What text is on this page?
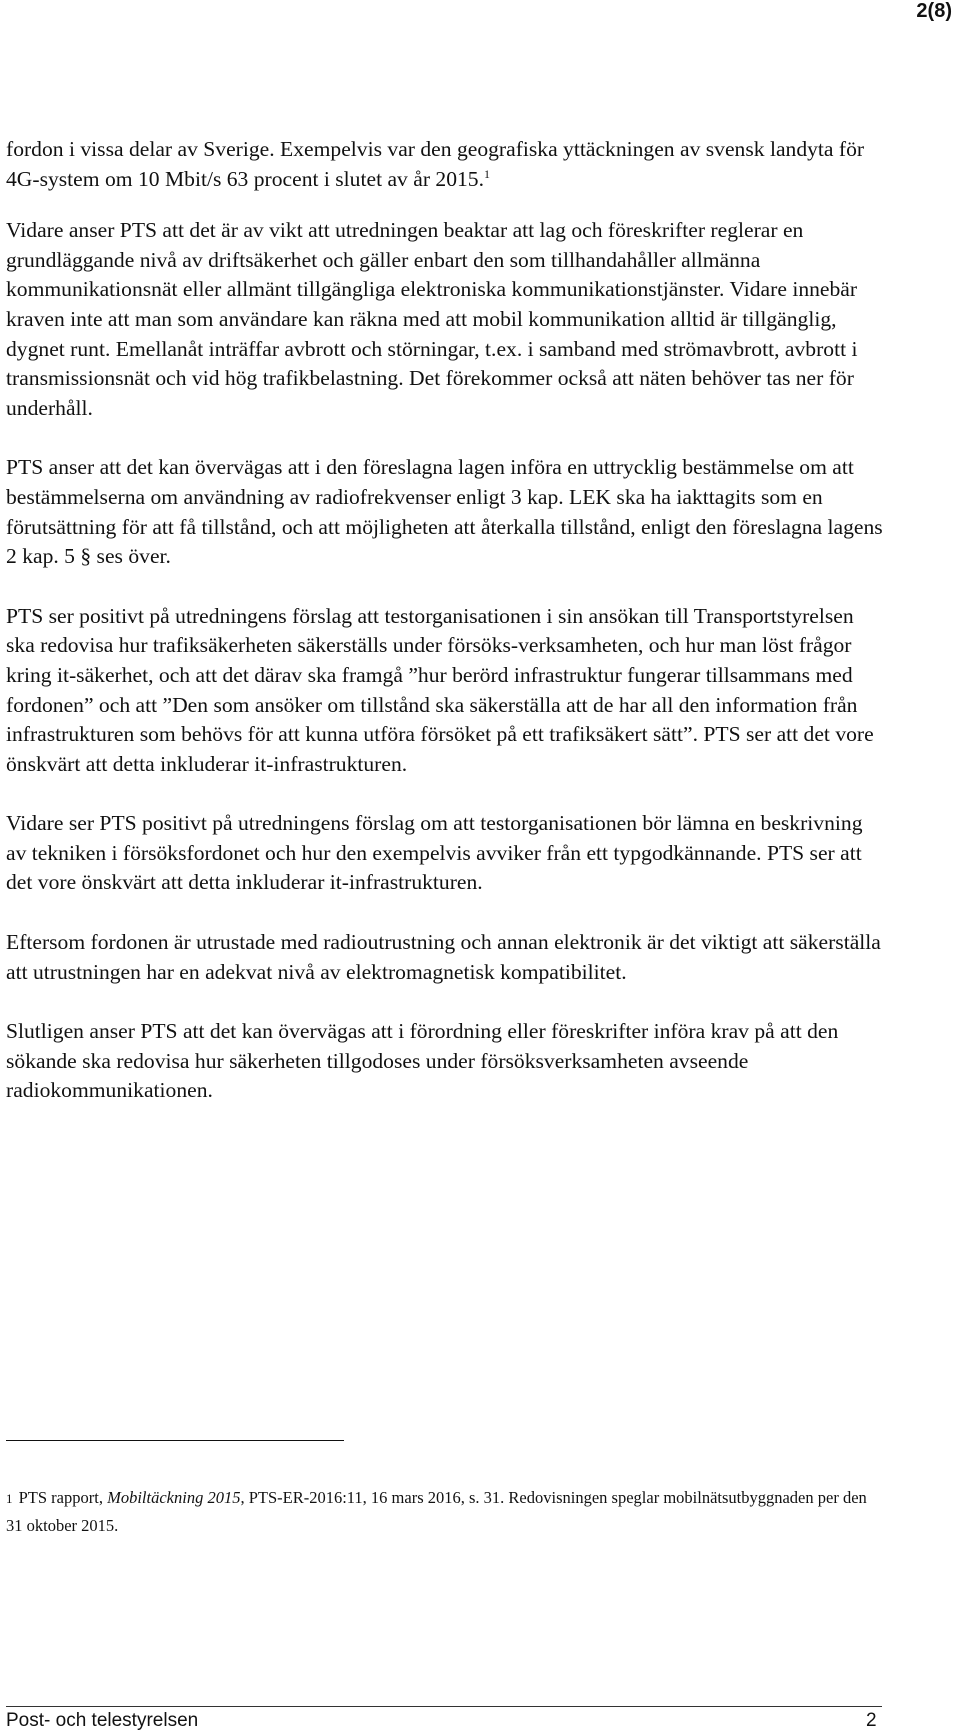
2(8)

fordon i vissa delar av Sverige. Exempelvis var den geografiska yttäckningen av svensk landyta för 4G-system om 10 Mbit/s 63 procent i slutet av år 2015.$^1$

Vidare anser PTS att det är av vikt att utredningen beaktar att lag och föreskrifter reglerar en grundläggande nivå av driftsäkerhet och gäller enbart den som tillhandahåller allmänna kommunikationsnät eller allmänt tillgängliga elektroniska kommunikationstjänster. Vidare innebär kraven inte att man som användare kan räkna med att mobil kommunikation alltid är tillgänglig, dygnet runt. Emellanåt inträffar avbrott och störningar, t.ex. i samband med strömavbrott, avbrott i transmissionsnät och vid hög trafikbelastning. Det förekommer också att näten behöver tas ner för underhåll.

PTS anser att det kan övervägas att i den föreslagna lagen införa en uttrycklig bestämmelse om att bestämmelserna om användning av radiofrekvenser enligt 3 kap. LEK ska ha iakttagits som en förutsättning för att få tillstånd, och att möjligheten att återkalla tillstånd, enligt den föreslagna lagens 2 kap. 5 § ses över.

PTS ser positivt på utredningens förslag att testorganisationen i sin ansökan till Transportstyrelsen ska redovisa hur trafiksäkerheten säkerställs under försöks-verksamheten, och hur man löst frågor kring it-säkerhet, och att det därav ska framgå ”hur berörd infrastruktur fungerar tillsammans med fordonen” och att ”Den som ansöker om tillstånd ska säkerställa att de har all den information från infrastrukturen som behövs för att kunna utföra försöket på ett trafiksäkert sätt”. PTS ser att det vore önskvärt att detta inkluderar it-infrastrukturen.

Vidare ser PTS positivt på utredningens förslag om att testorganisationen bör lämna en beskrivning av tekniken i försöksfordonet och hur den exempelvis avviker från ett typgodkännande. PTS ser att det vore önskvärt att detta inkluderar it-infrastrukturen.

Eftersom fordonen är utrustade med radioutrustning och annan elektronik är det viktigt att säkerställa att utrustningen har en adekvat nivå av elektromagnetisk kompatibilitet.

Slutligen anser PTS att det kan övervägas att i förordning eller föreskrifter införa krav på att den sökande ska redovisa hur säkerheten tillgodoses under försöksverksamheten avseende radiokommunikationen.

1 PTS rapport, Mobiltäckning 2015, PTS-ER-2016:11, 16 mars 2016, s. 31. Redovisningen speglar mobilnätsutbyggnaden per den 31 oktober 2015.
Post- och telestyrelsen	2
